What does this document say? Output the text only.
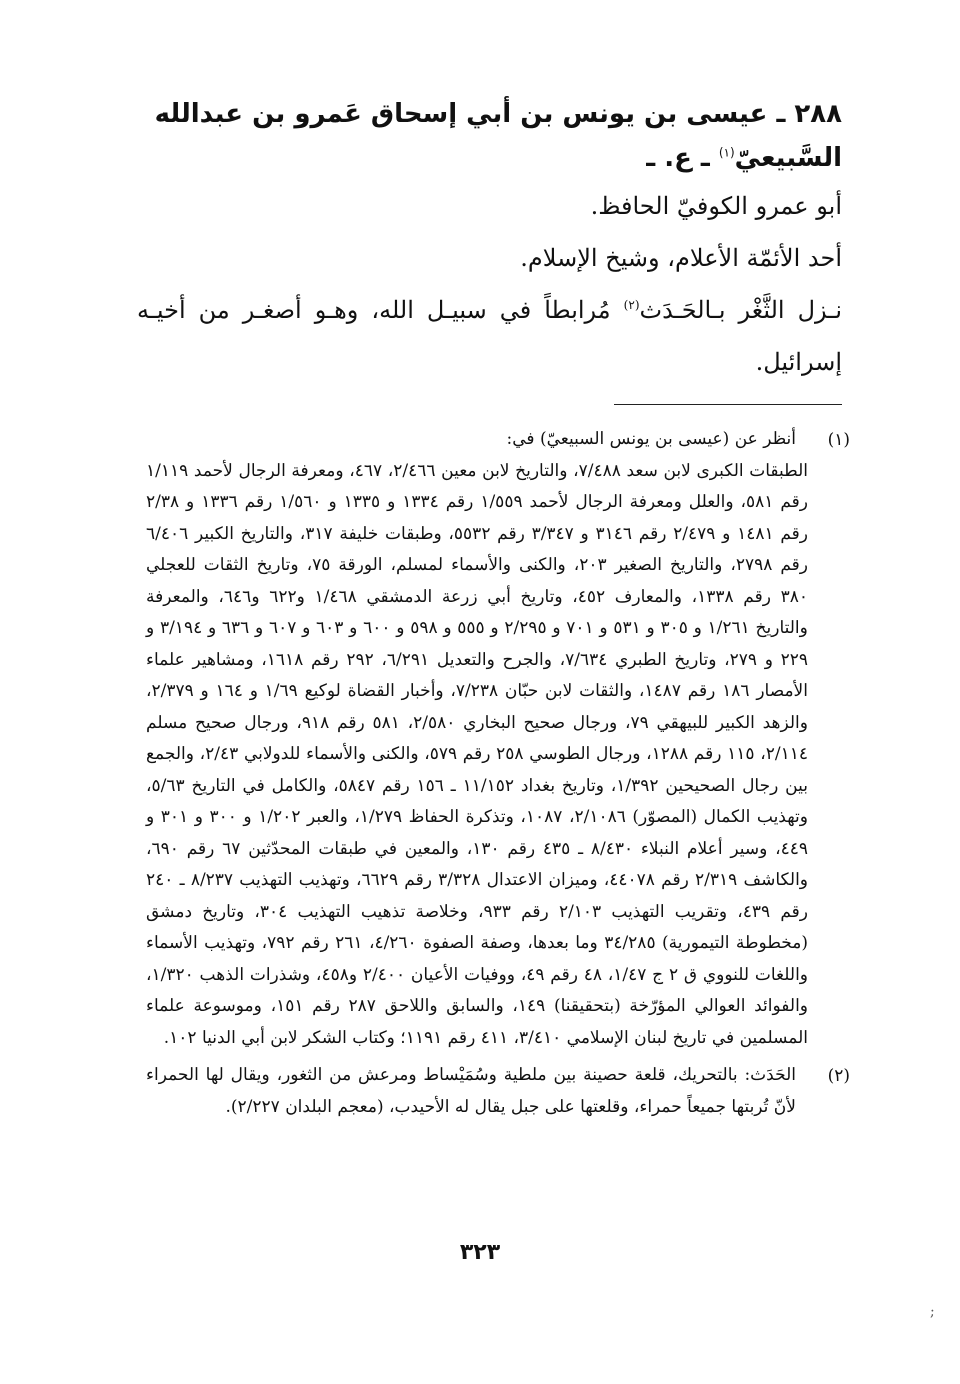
٢٨٨ ـ عيسى بن يونس بن أبي إسحاق عَمرو بن عبدالله
السَّبيعيّ$^{(١)}$ ـ ع. ـ

أبو عمرو الكوفيّ الحافظ.

أحد الأئمّة الأعلام، وشيخ الإسلام.

نـزل الثَّغْر بـالحَـدَث$^{(٢)}$ مُرابطاً في سبيـل الله، وهـو أصغـر من أخيـه إسرائيل.

(١)

أنظر عن (عيسى بن يونس السبيعيّ) في:

الطبقات الكبرى لابن سعد ٧/٤٨٨، والتاريخ لابن معين ٢/٤٦٦، ٤٦٧، ومعرفة الرجال لأحمد ١/١١٩ رقم ٥٨١، والعلل ومعرفة الرجال لأحمد ١/٥٥٩ رقم ١٣٣٤ و ١٣٣٥ و ١/٥٦٠ رقم ١٣٣٦ و ٢/٣٨ رقم ١٤٨١ و ٢/٤٧٩ رقم ٣١٤٦ و ٣/٣٤٧ رقم ٥٥٣٢، وطبقات خليفة ٣١٧، والتاريخ الكبير ٦/٤٠٦ رقم ٢٧٩٨، والتاريخ الصغير ٢٠٣، والكنى والأسماء لمسلم، الورقة ٧٥، وتاريخ الثقات للعجلي ٣٨٠ رقم ١٣٣٨، والمعارف ٤٥٢، وتاريخ أبي زرعة الدمشقي ١/٤٦٨ و٦٢٢ و٦٤٦، والمعرفة والتاريخ ١/٢٦١ و ٣٠٥ و ٥٣١ و ٧٠١ و ٢/٢٩٥ و ٥٥٥ و ٥٩٨ و ٦٠٠ و ٦٠٣ و ٦٠٧ و ٦٣٦ و ٣/١٩٤ و ٢٢٩ و ٢٧٩، وتاريخ الطبري ٧/٦٣٤، والجرح والتعديل ٦/٢٩١، ٢٩٢ رقم ١٦١٨، ومشاهير علماء الأمصار ١٨٦ رقم ١٤٨٧، والثقات لابن حبّان ٧/٢٣٨، وأخبار القضاة لوكيع ١/٦٩ و ١٦٤ و ٢/٣٧٩، والزهد الكبير للبيهقي ٧٩، ورجال صحيح البخاري ٢/٥٨٠، ٥٨١ رقم ٩١٨، ورجال صحيح مسلم ٢/١١٤، ١١٥ رقم ١٢٨٨، ورجال الطوسي ٢٥٨ رقم ٥٧٩، والكنى والأسماء للدولابي ٢/٤٣، والجمع بين رجال الصحيحين ١/٣٩٢، وتاريخ بغداد ١١/١٥٢ ـ ١٥٦ رقم ٥٨٤٧، والكامل في التاريخ ٥/٦٣، وتهذيب الكمال (المصوّر) ٢/١٠٨٦، ١٠٨٧، وتذكرة الحفاظ ١/٢٧٩، والعبر ١/٢٠٢ و ٣٠٠ و ٣٠١ و ٤٤٩، وسير أعلام النبلاء ٨/٤٣٠ ـ ٤٣٥ رقم ١٣٠، والمعين في طبقات المحدّثين ٦٧ رقم ٦٩٠، والكاشف ٢/٣١٩ رقم ٤٤٠٧٨، وميزان الاعتدال ٣/٣٢٨ رقم ٦٦٢٩، وتهذيب التهذيب ٨/٢٣٧ ـ ٢٤٠ رقم ٤٣٩، وتقريب التهذيب ٢/١٠٣ رقم ٩٣٣، وخلاصة تذهيب التهذيب ٣٠٤، وتاريخ دمشق (مخطوطة التيمورية) ٣٤/٢٨٥ وما بعدها، وصفة الصفوة ٤/٢٦٠، ٢٦١ رقم ٧٩٢، وتهذيب الأسماء واللغات للنووي ق ٢ ج ١/٤٧، ٤٨ رقم ٤٩، ووفيات الأعيان ٢/٤٠٠ و٤٥٨، وشذرات الذهب ١/٣٢٠، والفوائد العوالي المؤرّخة (بتحقيقنا) ١٤٩، والسابق واللاحق ٢٨٧ رقم ١٥١، وموسوعة علماء المسلمين في تاريخ لبنان الإسلامي ٣/٤١٠، ٤١١ رقم ١١٩١؛ وكتاب الشكر لابن أبي الدنيا ١٠٢.

(٢)

الحَدَث: بالتحريك، قلعة حصينة بين ملطية وسُمَيْساط ومرعش من الثغور، ويقال لها الحمراء لأنّ تُربتها جميعاً حمراء، وقلعتها على جبل يقال له الأحيدب، (معجم البلدان ٢/٢٢٧).

٣٢٣
;
